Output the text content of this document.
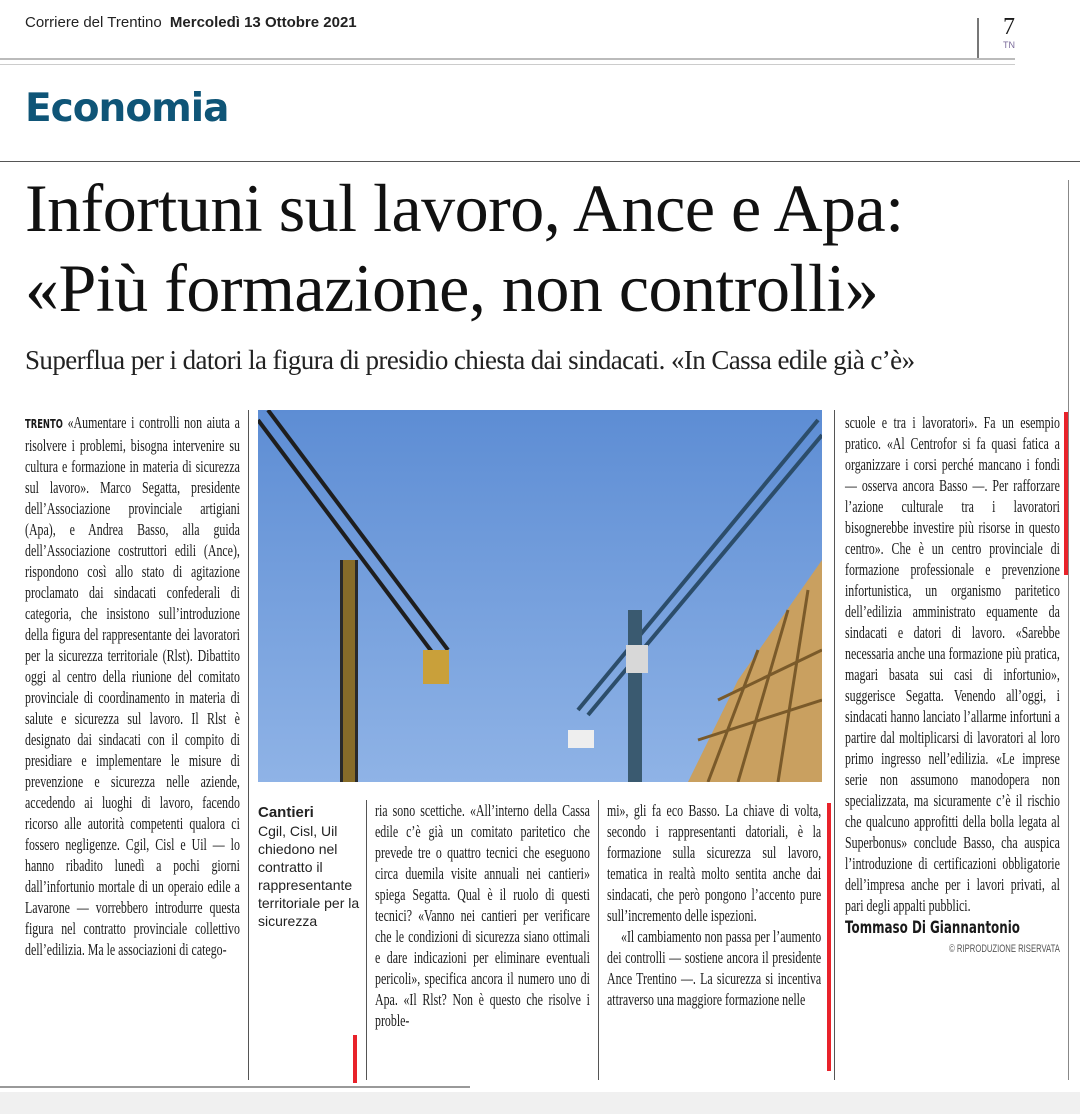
Corriere del Trentino Mercoledì 13 Ottobre 2021	7
TN
Economia
Infortuni sul lavoro, Ance e Apa:
«Più formazione, non controlli»
Superflua per i datori la figura di presidio chiesta dai sindacati. «In Cassa edile già c’è»

TRENTO «Aumentare i controlli non aiuta a risolvere i problemi, bisogna intervenire su cultura e formazione in materia di sicurezza sul lavoro». Marco Segatta, presidente dell’Associazione provinciale artigiani (Apa), e Andrea Basso, alla guida dell’Associazione costruttori edili (Ance), rispondono così allo stato di agitazione proclamato dai sindacati confederali di categoria, che insistono sull’introduzione della figura del rappresentante dei lavoratori per la sicurezza territoriale (Rlst). Dibattito oggi al centro della riunione del comitato provinciale di coordinamento in materia di salute e sicurezza sul lavoro. Il Rlst è designato dai sindacati con il compito di presidiare e implementare le misure di prevenzione e sicurezza nelle aziende, accedendo ai luoghi di lavoro, facendo ricorso alle autorità competenti qualora ci fossero negligenze. Cgil, Cisl e Uil — lo hanno ribadito lunedì a pochi giorni dall’infortunio mortale di un operaio edile a Lavarone — vorrebbero introdurre questa figura nel contratto provinciale collettivo dell’edilizia. Ma le associazioni di catego-

Cantieri
Cgil, Cisl, Uil chiedono nel contratto il rappresentante territoriale per la sicurezza

ria sono scettiche. «All’interno della Cassa edile c’è già un comitato paritetico che prevede tre o quattro tecnici che eseguono circa duemila visite annuali nei cantieri» spiega Segatta. Qual è il ruolo di questi tecnici? «Vanno nei cantieri per verificare che le condizioni di sicurezza siano ottimali e dare indicazioni per eliminare eventuali pericoli», specifica ancora il numero uno di Apa. «Il Rlst? Non è questo che risolve i proble-

mi», gli fa eco Basso. La chiave di volta, secondo i rappresentanti datoriali, è la formazione sulla sicurezza sul lavoro, tematica in realtà molto sentita anche dai sindacati, che però pongono l’accento pure sull’incremento delle ispezioni.

«Il cambiamento non passa per l’aumento dei controlli — sostiene ancora il presidente Ance Trentino —. La sicurezza si incentiva attraverso una maggiore formazione nelle

scuole e tra i lavoratori». Fa un esempio pratico. «Al Centrofor si fa quasi fatica a organizzare i corsi perché mancano i fondi — osserva ancora Basso —. Per rafforzare l’azione culturale tra i lavoratori bisognerebbe investire più risorse in questo centro». Che è un centro provinciale di formazione professionale e prevenzione infortunistica, un organismo paritetico dell’edilizia amministrato equamente da sindacati e datori di lavoro. «Sarebbe necessaria anche una formazione più pratica, magari basata sui casi di infortunio», suggerisce Segatta. Venendo all’oggi, i sindacati hanno lanciato l’allarme infortuni a partire dal moltiplicarsi di lavoratori al loro primo ingresso nell’edilizia. «Le imprese serie non assumono manodopera non specializzata, ma sicuramente c’è il rischio che qualcuno approfitti della bolla legata al Superbonus» conclude Basso, cha auspica l’introduzione di certificazioni obbligatorie dell’impresa anche per i lavori privati, al pari degli appalti pubblici.

Tommaso Di Giannantonio
© RIPRODUZIONE RISERVATA
